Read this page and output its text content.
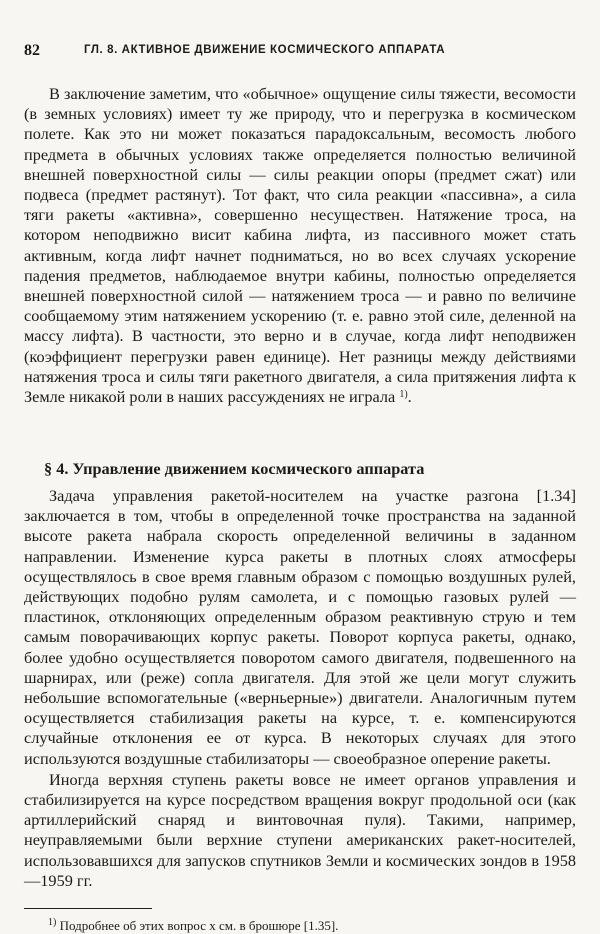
82	ГЛ. 8. АКТИВНОЕ ДВИЖЕНИЕ КОСМИЧЕСКОГО АППАРАТА

В заключение заметим, что «обычное» ощущение силы тяжести, весомости (в земных условиях) имеет ту же природу, что и перегрузка в космическом полете. Как это ни может показаться парадоксальным, весомость любого предмета в обычных условиях также определяется полностью величиной внешней поверхностной силы — силы реакции опоры (предмет сжат) или подвеса (предмет растянут). Тот факт, что сила реакции «пассивна», а сила тяги ракеты «активна», совершенно несуществен. Натяжение троса, на котором неподвижно висит кабина лифта, из пассивного может стать активным, когда лифт начнет подниматься, но во всех случаях ускорение падения предметов, наблюдаемое внутри кабины, полностью определяется внешней поверхностной силой — натяжением троса — и равно по величине сообщаемому этим натяжением ускорению (т. е. равно этой силе, деленной на массу лифта). В частности, это верно и в случае, когда лифт неподвижен (коэффициент перегрузки равен единице). Нет разницы между действиями натяжения троса и силы тяги ракетного двигателя, а сила притяжения лифта к Земле никакой роли в наших рассуждениях не играла $^{1)}$.

§ 4. Управление движением космического аппарата

Задача управления ракетой-носителем на участке разгона [1.34] заключается в том, чтобы в определенной точке пространства на заданной высоте ракета набрала скорость определенной величины в заданном направлении. Изменение курса ракеты в плотных слоях атмосферы осуществлялось в свое время главным образом с помощью воздушных рулей, действующих подобно рулям самолета, и с помощью газовых рулей — пластинок, отклоняющих определенным образом реактивную струю и тем самым поворачивающих корпус ракеты. Поворот корпуса ракеты, однако, более удобно осуществляется поворотом самого двигателя, подвешенного на шарнирах, или (реже) сопла двигателя. Для этой же цели могут служить небольшие вспомогательные («верньерные») двигатели. Аналогичным путем осуществляется стабилизация ракеты на курсе, т. е. компенсируются случайные отклонения ее от курса. В некоторых случаях для этого используются воздушные стабилизаторы — своеобразное оперение ракеты.

Иногда верхняя ступень ракеты вовсе не имеет органов управления и стабилизируется на курсе посредством вращения вокруг продольной оси (как артиллерийский снаряд и винтовочная пуля). Такими, например, неуправляемыми были верхние ступени американских ракет-носителей, использовавшихся для запусков спутников Земли и космических зондов в 1958—1959 гг.

$^{1)}$ Подробнее об этих вопрос х см. в брошюре [1.35].
